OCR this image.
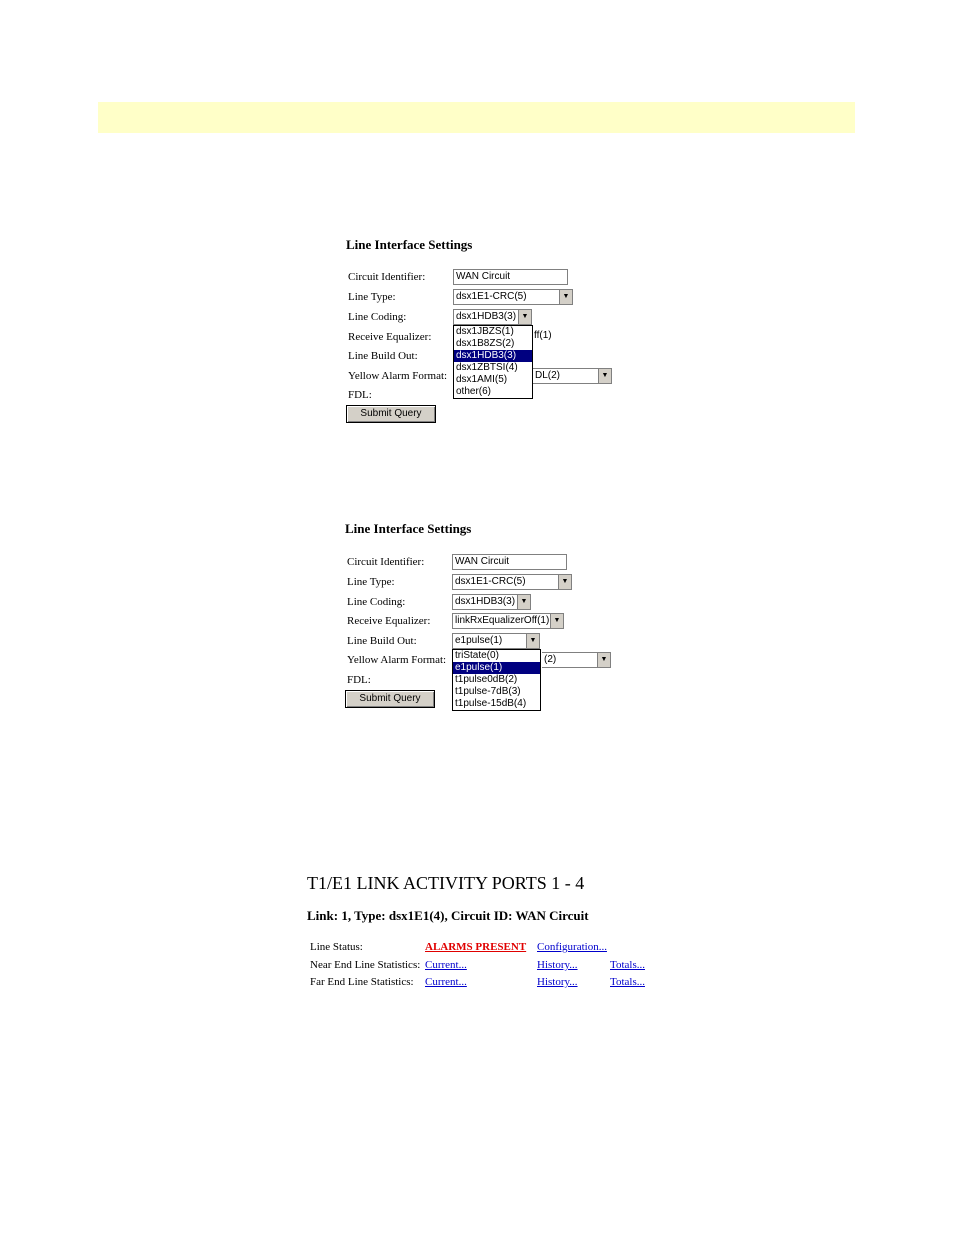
Line Interface Settings
Circuit Identifier:	WAN Circuit
Line Type:	dsx1E1-CRC(5)	▼
Line Coding:	dsx1HDB3(3) ▼
Receive Equalizer:	ff(1)
Line Build Out:
Yellow Alarm Format:	DL(2)	▼
FDL:
Submit Query
dsx1JBZS(1)
dsx1B8ZS(2)
dsx1HDB3(3)
dsx1ZBTSI(4)
dsx1AMI(5)
other(6)
Line Interface Settings
Circuit Identifier:	WAN Circuit
Line Type:	dsx1E1-CRC(5)	▼
Line Coding:	dsx1HDB3(3) ▼
Receive Equalizer: linkRxEqualizerOff(1) ▼
Line Build Out:	e1pulse(1)	▼
Yellow Alarm Format:	(2)	▼
FDL:
Submit Query
triState(0)
e1pulse(1)
t1pulse0dB(2)
t1pulse-7dB(3)
t1pulse-15dB(4)
T1/E1 LINK ACTIVITY PORTS 1 - 4
Link: 1, Type: dsx1E1(4), Circuit ID: WAN Circuit
Line Status:	ALARMS PRESENT Configuration...
Near End Line Statistics: Current...	History...	Totals...
Far End Line Statistics: Current...	History...	Totals...
